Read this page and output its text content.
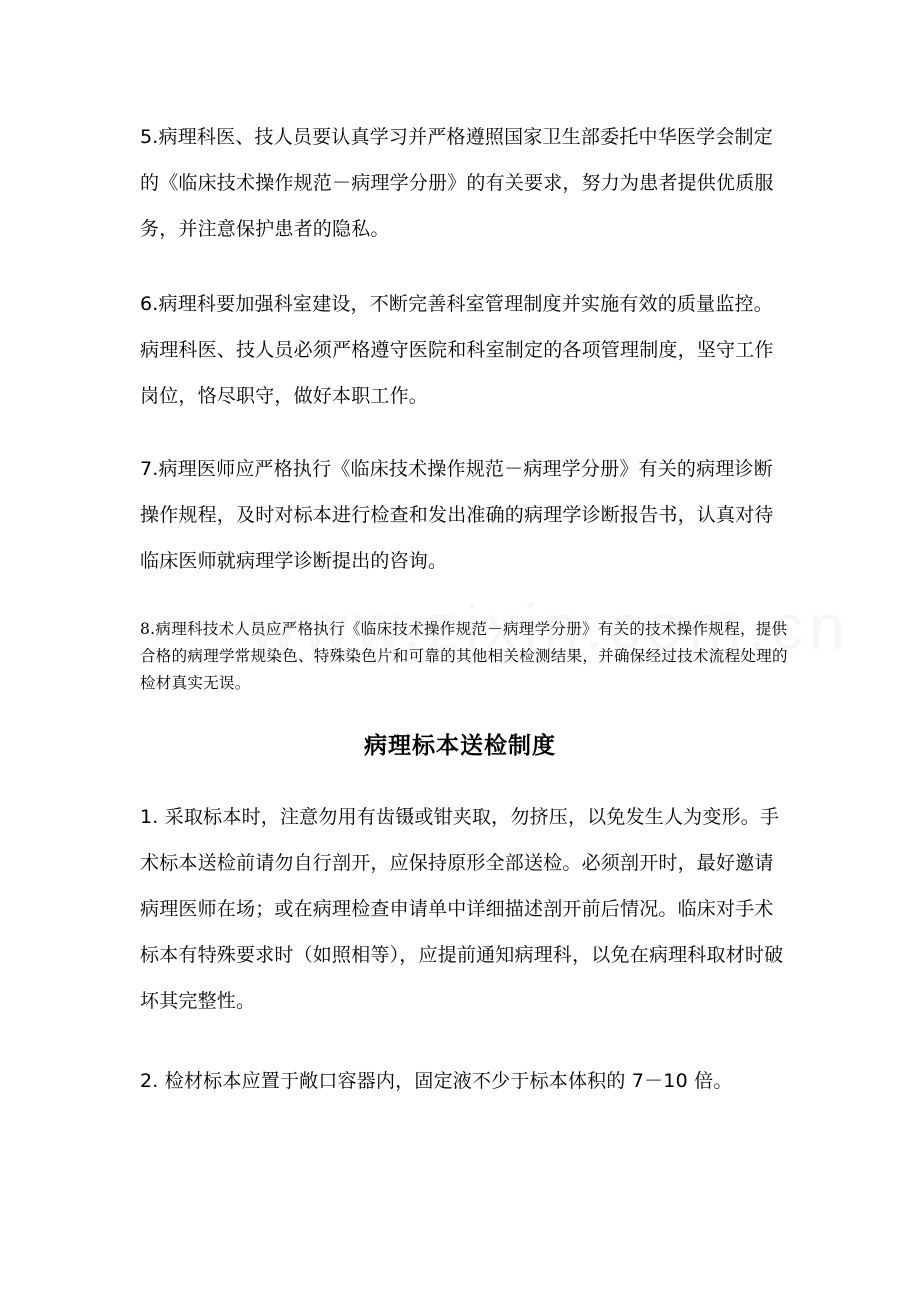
5.病理科医、技人员要认真学习并严格遵照国家卫生部委托中华医学会制定的《临床技术操作规范－病理学分册》的有关要求，努力为患者提供优质服务，并注意保护患者的隐私。

6.病理科要加强科室建设，不断完善科室管理制度并实施有效的质量监控。病理科医、技人员必须严格遵守医院和科室制定的各项管理制度，坚守工作岗位，恪尽职守，做好本职工作。

7.病理医师应严格执行《临床技术操作规范－病理学分册》有关的病理诊断操作规程，及时对标本进行检查和发出准确的病理学诊断报告书，认真对待临床医师就病理学诊断提出的咨询。

8.病理科技术人员应严格执行《临床技术操作规范－病理学分册》有关的技术操作规程，提供合格的病理学常规染色、特殊染色片和可靠的其他相关检测结果，并确保经过技术流程处理的检材真实无误。

病理标本送检制度

1. 采取标本时，注意勿用有齿镊或钳夹取，勿挤压，以免发生人为变形。手术标本送检前请勿自行剖开，应保持原形全部送检。必须剖开时，最好邀请病理医师在场；或在病理检查申请单中详细描述剖开前后情况。临床对手术标本有特殊要求时（如照相等），应提前通知病理科，以免在病理科取材时破坏其完整性。

2. 检材标本应置于敞口容器内，固定液不少于标本体积的 7－10 倍。
